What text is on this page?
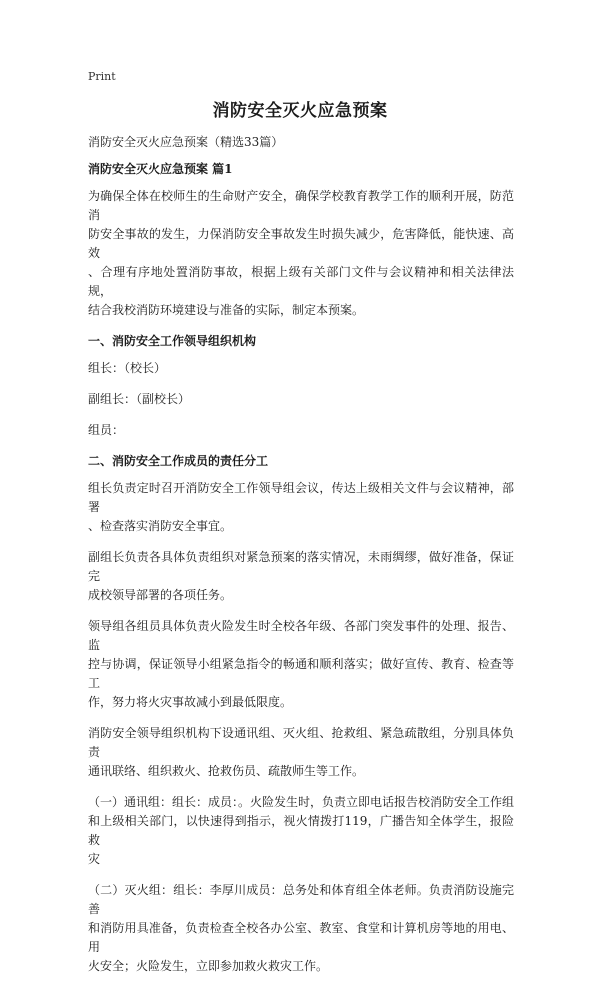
Print
消防安全灭火应急预案
消防安全灭火应急预案（精选33篇）
消防安全灭火应急预案 篇1
为确保全体在校师生的生命财产安全，确保学校教育教学工作的顺利开展，防范消
防安全事故的发生，力保消防安全事故发生时损失减少，危害降低，能快速、高效
、合理有序地处置消防事故，根据上级有关部门文件与会议精神和相关法律法规，
结合我校消防环境建设与准备的实际，制定本预案。
一、消防安全工作领导组织机构
组长：（校长）
副组长：（副校长）
组员：
二、消防安全工作成员的责任分工
组长负责定时召开消防安全工作领导组会议，传达上级相关文件与会议精神，部署
、检查落实消防安全事宜。
副组长负责各具体负责组织对紧急预案的落实情况，未雨绸缪，做好准备，保证完
成校领导部署的各项任务。
领导组各组员具体负责火险发生时全校各年级、各部门突发事件的处理、报告、监
控与协调，保证领导小组紧急指令的畅通和顺利落实；做好宣传、教育、检查等工
作，努力将火灾事故减小到最低限度。
消防安全领导组织机构下设通讯组、灭火组、抢救组、紧急疏散组，分别具体负责
通讯联络、组织救火、抢救伤员、疏散师生等工作。
（一）通讯组：组长：成员：。火险发生时，负责立即电话报告校消防安全工作组
和上级相关部门，以快速得到指示，视火情拨打119，广播告知全体学生，报险救
灾
（二）灭火组：组长：李厚川成员：总务处和体育组全体老师。负责消防设施完善
和消防用具准备，负责检查全校各办公室、教室、食堂和计算机房等地的用电、用
火安全；火险发生，立即参加救火救灾工作。
